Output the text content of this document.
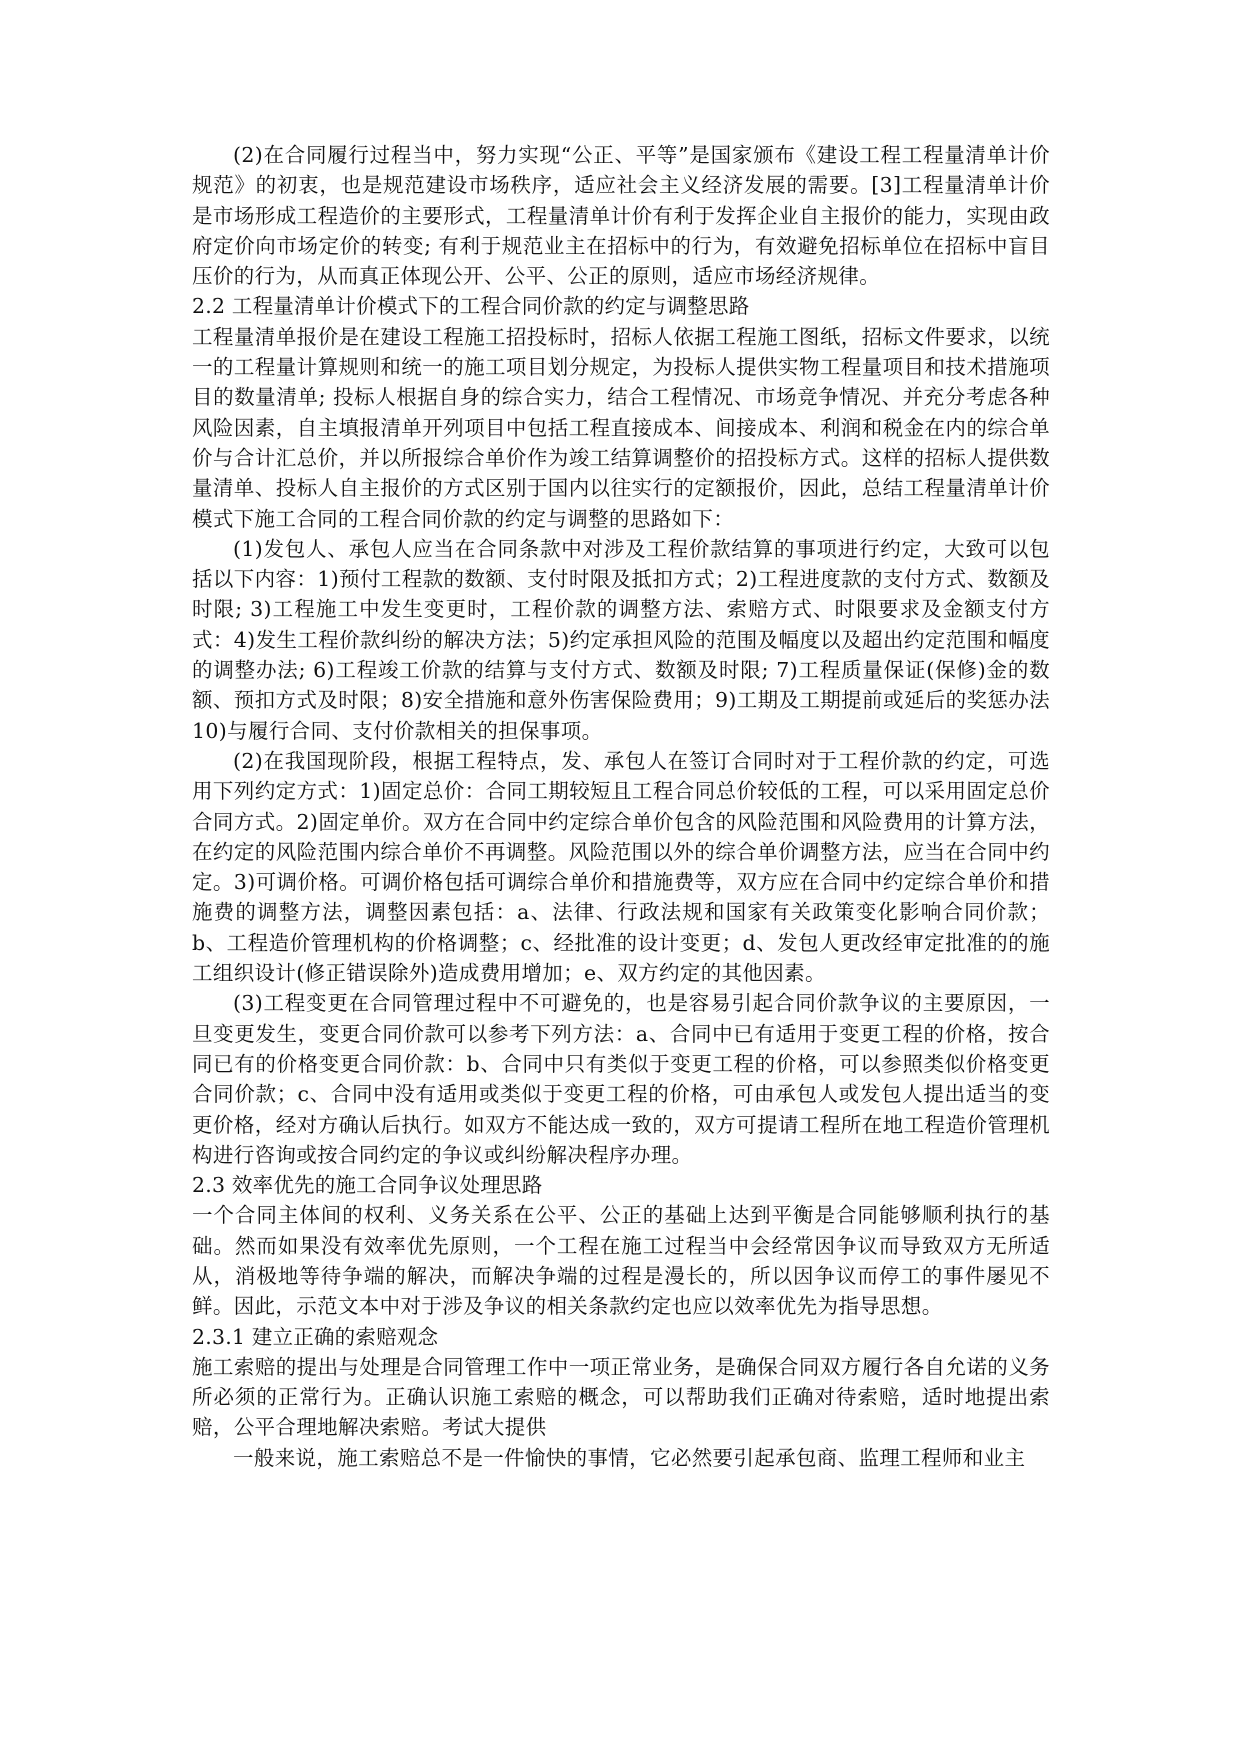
(2)在合同履行过程当中，努力实现“公正、平等”是国家颁布《建设工程工程量清单计价规范》的初衷，也是规范建设市场秩序，适应社会主义经济发展的需要。[3]工程量清单计价是市场形成工程造价的主要形式，工程量清单计价有利于发挥企业自主报价的能力，实现由政府定价向市场定价的转变; 有利于规范业主在招标中的行为，有效避免招标单位在招标中盲目压价的行为，从而真正体现公开、公平、公正的原则，适应市场经济规律。

2.2 工程量清单计价模式下的工程合同价款的约定与调整思路

工程量清单报价是在建设工程施工招投标时，招标人依据工程施工图纸，招标文件要求，以统一的工程量计算规则和统一的施工项目划分规定，为投标人提供实物工程量项目和技术措施项目的数量清单; 投标人根据自身的综合实力，结合工程情况、市场竞争情况、并充分考虑各种风险因素，自主填报清单开列项目中包括工程直接成本、间接成本、利润和税金在内的综合单价与合计汇总价，并以所报综合单价作为竣工结算调整价的招投标方式。这样的招标人提供数量清单、投标人自主报价的方式区别于国内以往实行的定额报价，因此，总结工程量清单计价模式下施工合同的工程合同价款的约定与调整的思路如下：

(1)发包人、承包人应当在合同条款中对涉及工程价款结算的事项进行约定，大致可以包括以下内容：1)预付工程款的数额、支付时限及抵扣方式；2)工程进度款的支付方式、数额及时限; 3)工程施工中发生变更时，工程价款的调整方法、索赔方式、时限要求及金额支付方式：4)发生工程价款纠纷的解决方法；5)约定承担风险的范围及幅度以及超出约定范围和幅度的调整办法; 6)工程竣工价款的结算与支付方式、数额及时限; 7)工程质量保证(保修)金的数额、预扣方式及时限；8)安全措施和意外伤害保险费用；9)工期及工期提前或延后的奖惩办法 10)与履行合同、支付价款相关的担保事项。

(2)在我国现阶段，根据工程特点，发、承包人在签订合同时对于工程价款的约定，可选用下列约定方式：1)固定总价：合同工期较短且工程合同总价较低的工程，可以采用固定总价合同方式。2)固定单价。双方在合同中约定综合单价包含的风险范围和风险费用的计算方法，在约定的风险范围内综合单价不再调整。风险范围以外的综合单价调整方法，应当在合同中约定。3)可调价格。可调价格包括可调综合单价和措施费等，双方应在合同中约定综合单价和措施费的调整方法，调整因素包括：a、法律、行政法规和国家有关政策变化影响合同价款；b、工程造价管理机构的价格调整；c、经批准的设计变更；d、发包人更改经审定批准的的施工组织设计(修正错误除外)造成费用增加；e、双方约定的其他因素。

(3)工程变更在合同管理过程中不可避免的，也是容易引起合同价款争议的主要原因，一旦变更发生，变更合同价款可以参考下列方法：a、合同中已有适用于变更工程的价格，按合同已有的价格变更合同价款：b、合同中只有类似于变更工程的价格，可以参照类似价格变更合同价款；c、合同中没有适用或类似于变更工程的价格，可由承包人或发包人提出适当的变更价格，经对方确认后执行。如双方不能达成一致的，双方可提请工程所在地工程造价管理机构进行咨询或按合同约定的争议或纠纷解决程序办理。

2.3 效率优先的施工合同争议处理思路

一个合同主体间的权利、义务关系在公平、公正的基础上达到平衡是合同能够顺利执行的基础。然而如果没有效率优先原则，一个工程在施工过程当中会经常因争议而导致双方无所适从，消极地等待争端的解决，而解决争端的过程是漫长的，所以因争议而停工的事件屡见不鲜。因此，示范文本中对于涉及争议的相关条款约定也应以效率优先为指导思想。

2.3.1 建立正确的索赔观念

施工索赔的提出与处理是合同管理工作中一项正常业务，是确保合同双方履行各自允诺的义务所必须的正常行为。正确认识施工索赔的概念，可以帮助我们正确对待索赔，适时地提出索赔，公平合理地解决索赔。考试大提供

一般来说，施工索赔总不是一件愉快的事情，它必然要引起承包商、监理工程师和业主
